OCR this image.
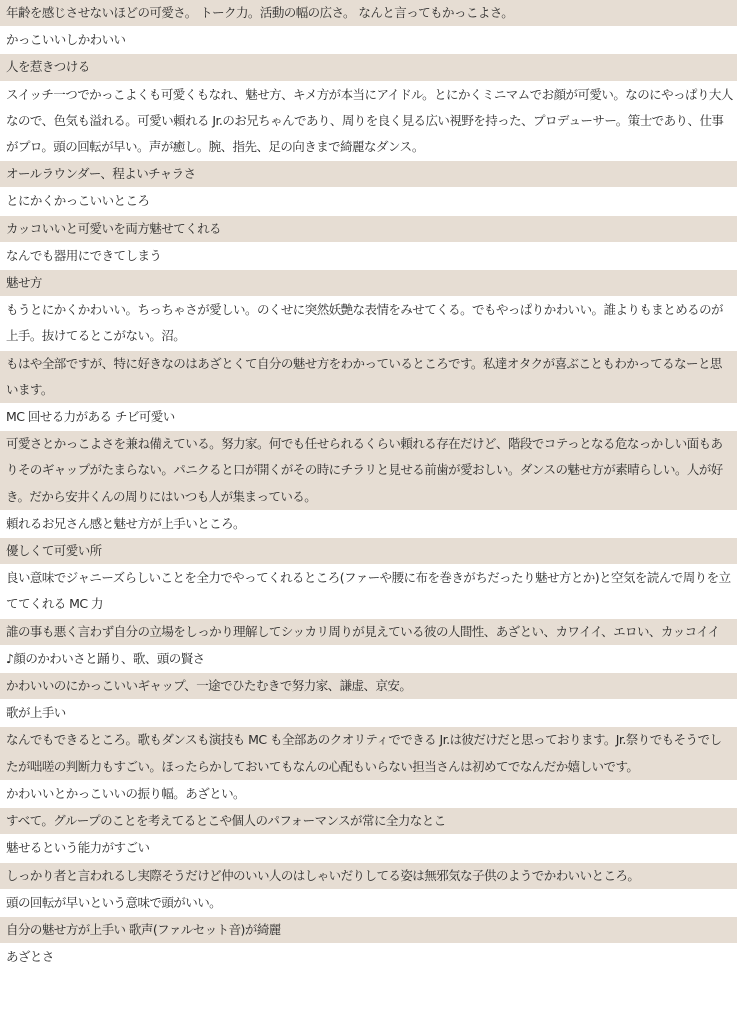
年齢を感じさせないほどの可愛さ。 トーク力。活動の幅の広さ。 なんと言ってもかっこよさ。
かっこいいしかわいい
人を惹きつける
スイッチ一つでかっこよくも可愛くもなれ、魅せ方、キメ方が本当にアイドル。とにかくミニマムでお顔が可愛い。なのにやっぱり大人なので、色気も溢れる。可愛い頼れる Jr.のお兄ちゃんであり、周りを良く見る広い視野を持った、プロデューサー。策士であり、仕事がプロ。頭の回転が早い。声が癒し。腕、指先、足の向きまで綺麗なダンス。
オールラウンダー、程よいチャラさ
とにかくかっこいいところ
カッコいいと可愛いを両方魅せてくれる
なんでも器用にできてしまう
魅せ方
もうとにかくかわいい。ちっちゃさが愛しい。のくせに突然妖艶な表情をみせてくる。でもやっぱりかわいい。誰よりもまとめるのが上手。抜けてるとこがない。沼。
もはや全部ですが、特に好きなのはあざとくて自分の魅せ方をわかっているところです。私達オタクが喜ぶこともわかってるなーと思います。
MC 回せる力がある チビ可愛い
可愛さとかっこよさを兼ね備えている。努力家。何でも任せられるくらい頼れる存在だけど、階段でコテっとなる危なっかしい面もありそのギャップがたまらない。パニクると口が開くがその時にチラリと見せる前歯が愛おしい。ダンスの魅せ方が素晴らしい。人が好き。だから安井くんの周りにはいつも人が集まっている。
頼れるお兄さん感と魅せ方が上手いところ。
優しくて可愛い所
良い意味でジャニーズらしいことを全力でやってくれるところ(ファーや腰に布を巻きがちだったり魅せ方とか)と空気を読んで周りを立ててくれる MC 力
誰の事も悪く言わず自分の立場をしっかり理解してシッカリ周りが見えている彼の人間性、あざとい、カワイイ、エロい、カッコイイ
♪顔のかわいさと踊り、歌、頭の賢さ
かわいいのにかっこいいギャップ、一途でひたむきで努力家、謙虚、京安。
歌が上手い
なんでもできるところ。歌もダンスも演技も MC も全部あのクオリティでできる Jr.は彼だけだと思っております。Jr.祭りでもそうでしたが咄嗟の判断力もすごい。ほったらかしておいてもなんの心配もいらない担当さんは初めてでなんだか嬉しいです。
かわいいとかっこいいの振り幅。あざとい。
すべて。グループのことを考えてるとこや個人のパフォーマンスが常に全力なとこ
魅せるという能力がすごい
しっかり者と言われるし実際そうだけど仲のいい人のはしゃいだりしてる姿は無邪気な子供のようでかわいいところ。
頭の回転が早いという意味で頭がいい。
自分の魅せ方が上手い 歌声(ファルセット音)が綺麗
あざとさ
